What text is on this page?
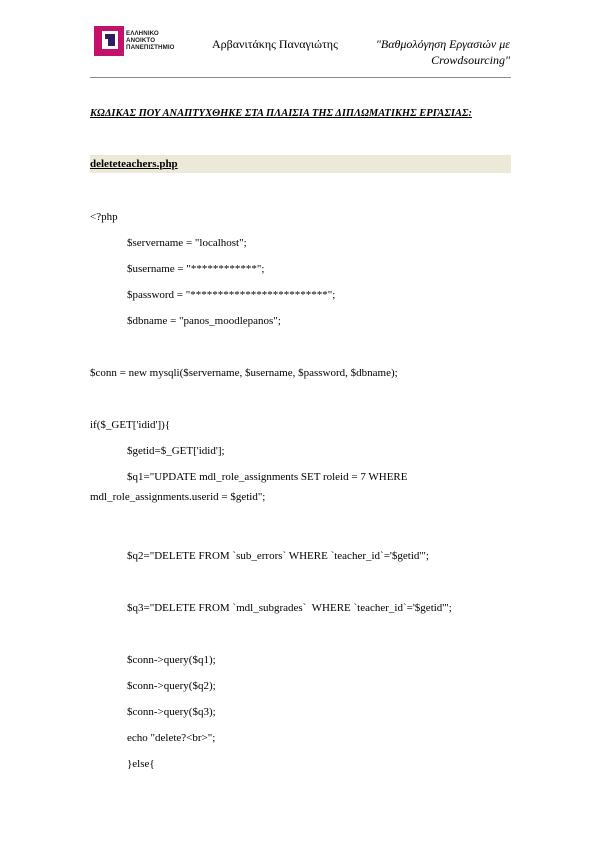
ΕΛΛΗΝΙΚΟ
ΑΝΟΙΚΤΟ
ΠΑΝΕΠΙΣΤΗΜΙΟ	Αρβανιτάκης Παναγιώτης	"Βαθμολόγηση Εργασιών με
Crowdsourcing"
ΚΩΔΙΚΑΣ ΠΟΥ ΑΝΑΠΤΥΧΘΗΚΕ ΣΤΑ ΠΛΑΙΣΙΑ ΤΗΣ ΔΙΠΛΩΜΑΤΙΚΗΣ ΕΡΓΑΣΙΑΣ:
deleteteachers.php
<?php
$servername = "localhost";
$username = "************";
$password = "*************************";
$dbname = "panos_moodlepanos";
$conn = new mysqli($servername, $username, $password, $dbname);
if($_GET['idid']){
$getid=$_GET['idid'];
$q1="UPDATE mdl_role_assignments SET roleid = 7 WHERE
mdl_role_assignments.userid = $getid";
$q2="DELETE FROM `sub_errors` WHERE `teacher_id`='$getid'";
$q3="DELETE FROM `mdl_subgrades`  WHERE `teacher_id`='$getid'";
$conn->query($q1);
$conn->query($q2);
$conn->query($q3);
echo "delete?<br>";
}else{
